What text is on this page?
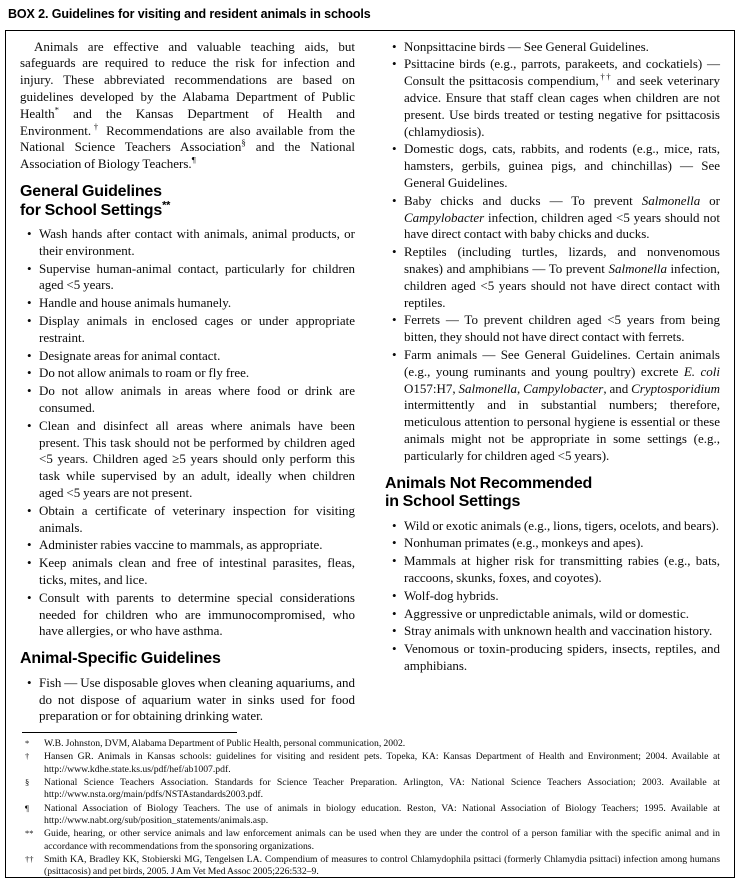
BOX 2. Guidelines for visiting and resident animals in schools

Animals are effective and valuable teaching aids, but safeguards are required to reduce the risk for infection and injury. These abbreviated recommendations are based on guidelines developed by the Alabama Department of Public Health* and the Kansas Department of Health and Environment.† Recommendations are also available from the National Science Teachers Association§ and the National Association of Biology Teachers.¶

General Guidelines
for School Settings**
• Wash hands after contact with animals, animal products, or their environment.
• Supervise human-animal contact, particularly for children aged <5 years.
• Handle and house animals humanely.
• Display animals in enclosed cages or under appropriate restraint.
• Designate areas for animal contact.
• Do not allow animals to roam or fly free.
• Do not allow animals in areas where food or drink are consumed.
• Clean and disinfect all areas where animals have been present. This task should not be performed by children aged <5 years. Children aged ≥5 years should only perform this task while supervised by an adult, ideally when children aged <5 years are not present.
• Obtain a certificate of veterinary inspection for visiting animals.
• Administer rabies vaccine to mammals, as appropriate.
• Keep animals clean and free of intestinal parasites, fleas, ticks, mites, and lice.
• Consult with parents to determine special considerations needed for children who are immunocompromised, who have allergies, or who have asthma.
Animal-Specific Guidelines
• Fish — Use disposable gloves when cleaning aquariums, and do not dispose of aquarium water in sinks used for food preparation or for obtaining drinking water.
• Nonpsittacine birds — See General Guidelines.
• Psittacine birds (e.g., parrots, parakeets, and cockatiels) — Consult the psittacosis compendium,†† and seek veterinary advice. Ensure that staff clean cages when children are not present. Use birds treated or testing negative for psittacosis (chlamydiosis).
• Domestic dogs, cats, rabbits, and rodents (e.g., mice, rats, hamsters, gerbils, guinea pigs, and chinchillas) — See General Guidelines.
• Baby chicks and ducks — To prevent Salmonella or Campylobacter infection, children aged <5 years should not have direct contact with baby chicks and ducks.
• Reptiles (including turtles, lizards, and nonvenomous snakes) and amphibians — To prevent Salmonella infection, children aged <5 years should not have direct contact with reptiles.
• Ferrets — To prevent children aged <5 years from being bitten, they should not have direct contact with ferrets.
• Farm animals — See General Guidelines. Certain animals (e.g., young ruminants and young poultry) excrete E. coli O157:H7, Salmonella, Campylobacter, and Cryptosporidium intermittently and in substantial numbers; therefore, meticulous attention to personal hygiene is essential or these animals might not be appropriate in some settings (e.g., particularly for children aged <5 years).
Animals Not Recommended
in School Settings
• Wild or exotic animals (e.g., lions, tigers, ocelots, and bears).
• Nonhuman primates (e.g., monkeys and apes).
• Mammals at higher risk for transmitting rabies (e.g., bats, raccoons, skunks, foxes, and coyotes).
• Wolf-dog hybrids.
• Aggressive or unpredictable animals, wild or domestic.
• Stray animals with unknown health and vaccination history.
• Venomous or toxin-producing spiders, insects, reptiles, and amphibians.
* W.B. Johnston, DVM, Alabama Department of Public Health, personal communication, 2002.
† Hansen GR. Animals in Kansas schools: guidelines for visiting and resident pets. Topeka, KA: Kansas Department of Health and Environment; 2004. Available at http://www.kdhe.state.ks.us/pdf/hef/ab1007.pdf.
§ National Science Teachers Association. Standards for Science Teacher Preparation. Arlington, VA: National Science Teachers Association; 2003. Available at http://www.nsta.org/main/pdfs/NSTAstandards2003.pdf.
¶ National Association of Biology Teachers. The use of animals in biology education. Reston, VA: National Association of Biology Teachers; 1995. Available at http://www.nabt.org/sub/position_statements/animals.asp.
** Guide, hearing, or other service animals and law enforcement animals can be used when they are under the control of a person familiar with the specific animal and in accordance with recommendations from the sponsoring organizations.
†† Smith KA, Bradley KK, Stobierski MG, Tengelsen LA. Compendium of measures to control Chlamydophila psittaci (formerly Chlamydia psittaci) infection among humans (psittacosis) and pet birds, 2005. J Am Vet Med Assoc 2005;226:532–9.
